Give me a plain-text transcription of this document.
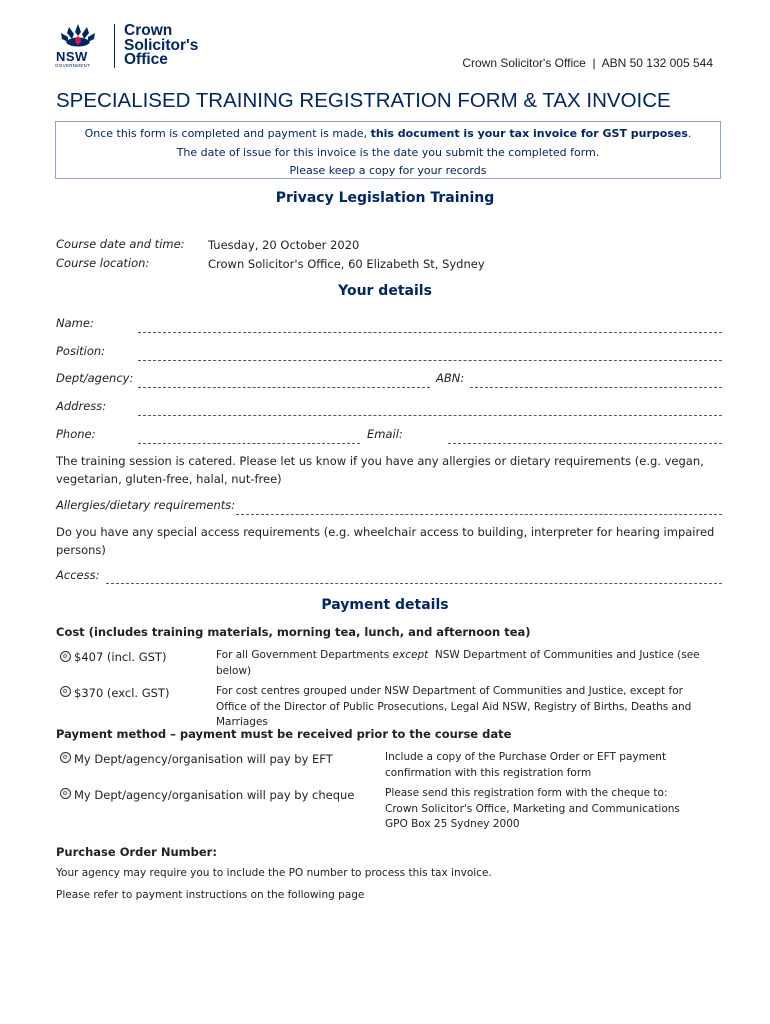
NSW
GOVERNMENT
Crown
Solicitor's
Office	Crown Solicitor's Office  |  ABN 50 132 005 544
SPECIALISED TRAINING REGISTRATION FORM & TAX INVOICE
Once this form is completed and payment is made, this document is your tax invoice for GST purposes.
The date of issue for this invoice is the date you submit the completed form.
Please keep a copy for your records
Privacy Legislation Training
Course date and time: Tuesday, 20 October 2020
Course location:	Crown Solicitor's Office, 60 Elizabeth St, Sydney
Your details
Name:
Position:
Dept/agency:	ABN:
Address:
Phone:	Email:
The training session is catered. Please let us know if you have any allergies or dietary requirements (e.g. vegan, vegetarian, gluten-free, halal, nut-free)
Allergies/dietary requirements:
Do you have any special access requirements (e.g. wheelchair access to building, interpreter for hearing impaired persons)
Access:
Payment details
Cost (includes training materials, morning tea, lunch, and afternoon tea)
$407 (incl. GST)	For all Government Departments except  NSW Department of Communities and Justice (see below)
$370 (excl. GST)	For cost centres grouped under NSW Department of Communities and Justice, except for Office of the Director of Public Prosecutions, Legal Aid NSW, Registry of Births, Deaths and Marriages
Payment method – payment must be received prior to the course date
My Dept/agency/organisation will pay by EFT	Include a copy of the Purchase Order or EFT payment
confirmation with this registration form
My Dept/agency/organisation will pay by cheque	Please send this registration form with the cheque to:
Crown Solicitor's Office, Marketing and Communications
GPO Box 25 Sydney 2000
Purchase Order Number:
Your agency may require you to include the PO number to process this tax invoice.
Please refer to payment instructions on the following page
